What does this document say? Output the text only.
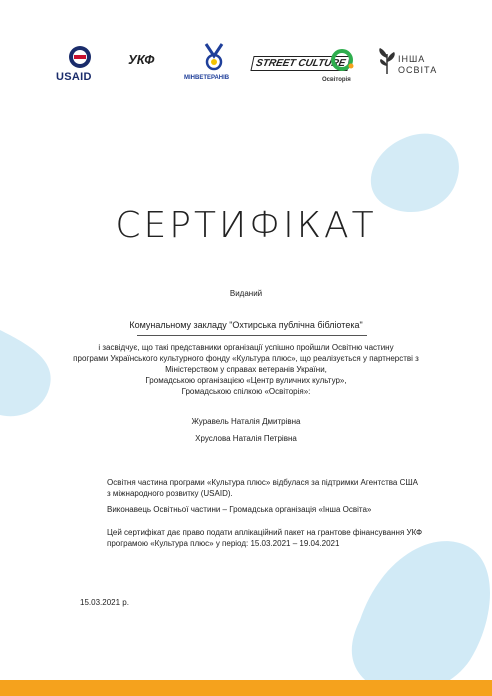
USAID
УКФ
МІНВЕТЕРАНІВ
STREET CULTURE
Освіторія
ІНША
ОСВІТА
СЕРТИФІКАТ
Виданий
Комунальному закладу "Охтирська публічна бібліотека"
і засвідчує, що такі представники організації успішно пройшли Освітню частину
програми Українського культурного фонду «Культура плюс», що реалізується у партнерстві з
Міністерством у справах ветеранів України,
Громадською організацією «Центр вуличних культур»,
Громадською спілкою «Освіторія»:
Журавель Наталія Дмитрівна
Хруслова Наталія Петрівна
Освітня частина програми «Культура плюс» відбулася за підтримки Агентства США
з міжнародного розвитку (USAID).
Виконавець Освітньої частини – Громадська організація «Інша Освіта»
Цей сертифікат дає право подати аплікаційний пакет на грантове фінансування УКФ
програмою «Культура плюс» у період: 15.03.2021 – 19.04.2021
15.03.2021 р.
